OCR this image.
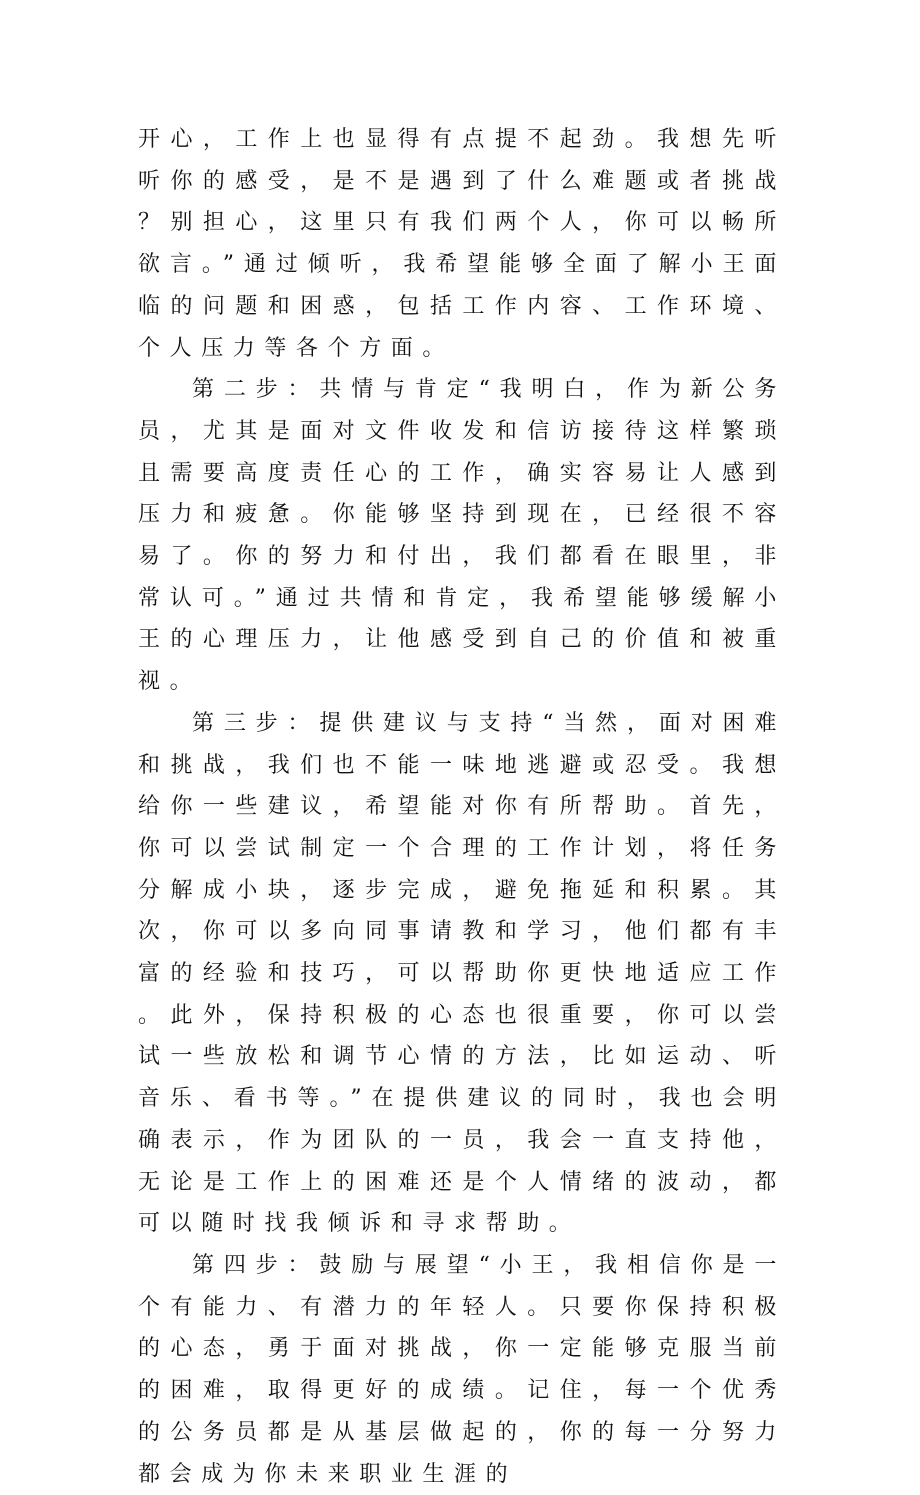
开心，工作上也显得有点提不起劲。我想先听听你的感受，是不是遇到了什么难题或者挑战？别担心，这里只有我们两个人，你可以畅所欲言。”通过倾听，我希望能够全面了解小王面临的问题和困惑，包括工作内容、工作环境、个人压力等各个方面。

第二步：共情与肯定“我明白，作为新公务员，尤其是面对文件收发和信访接待这样繁琐且需要高度责任心的工作，确实容易让人感到压力和疲惫。你能够坚持到现在，已经很不容易了。你的努力和付出，我们都看在眼里，非常认可。”通过共情和肯定，我希望能够缓解小王的心理压力，让他感受到自己的价值和被重视。

第三步：提供建议与支持“当然，面对困难和挑战，我们也不能一味地逃避或忍受。我想给你一些建议，希望能对你有所帮助。首先，你可以尝试制定一个合理的工作计划，将任务分解成小块，逐步完成，避免拖延和积累。其次，你可以多向同事请教和学习，他们都有丰富的经验和技巧，可以帮助你更快地适应工作。此外，保持积极的心态也很重要，你可以尝试一些放松和调节心情的方法，比如运动、听音乐、看书等。”在提供建议的同时，我也会明确表示，作为团队的一员，我会一直支持他，无论是工作上的困难还是个人情绪的波动，都可以随时找我倾诉和寻求帮助。

第四步：鼓励与展望“小王，我相信你是一个有能力、有潜力的年轻人。只要你保持积极的心态，勇于面对挑战，你一定能够克服当前的困难，取得更好的成绩。记住，每一个优秀的公务员都是从基层做起的，你的每一分努力都会成为你未来职业生涯的
